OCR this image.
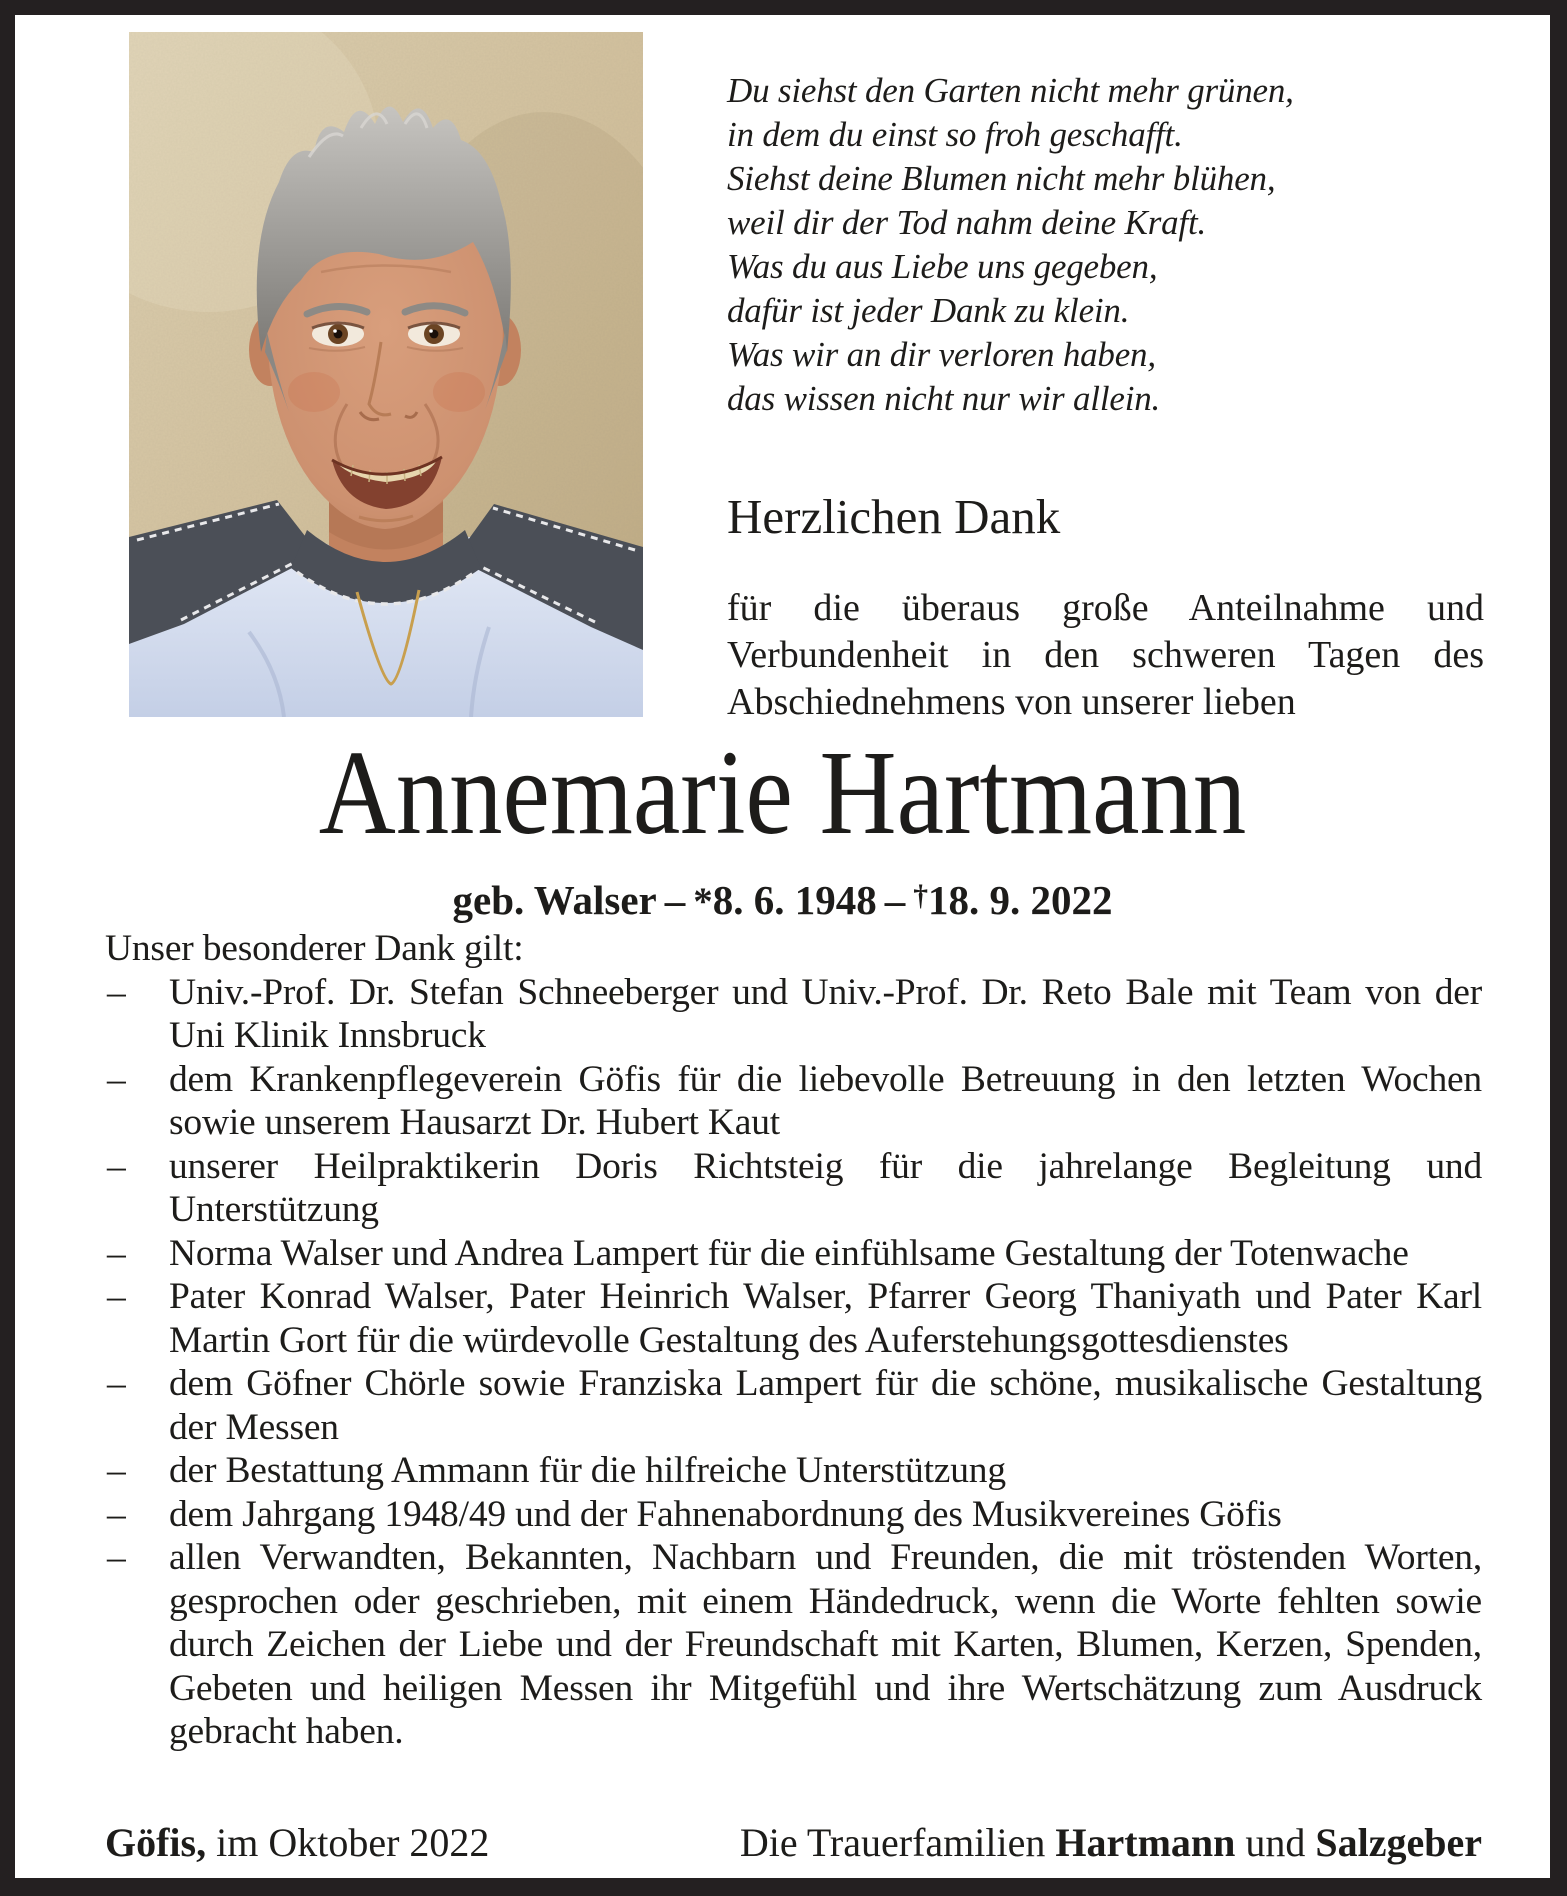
Du siehst den Garten nicht mehr grünen,
in dem du einst so froh geschafft.
Siehst deine Blumen nicht mehr blühen,
weil dir der Tod nahm deine Kraft.
Was du aus Liebe uns gegeben,
dafür ist jeder Dank zu klein.
Was wir an dir verloren haben,
das wissen nicht nur wir allein.
Herzlichen Dank
für die überaus große Anteilnahme und Verbundenheit in den schweren Tagen des Abschiednehmens von unserer lieben
Annemarie Hartmann
geb. Walser – *8. 6. 1948 – †18. 9. 2022
Unser besonderer Dank gilt:
– Univ.-Prof. Dr. Stefan Schneeberger und Univ.-Prof. Dr. Reto Bale mit Team von der Uni Klinik Innsbruck
– dem Krankenpflegeverein Göfis für die liebevolle Betreuung in den letzten Wochen sowie unserem Hausarzt Dr. Hubert Kaut
– unserer Heilpraktikerin Doris Richtsteig für die jahrelange Begleitung und Unterstützung
– Norma Walser und Andrea Lampert für die einfühlsame Gestaltung der Totenwache
– Pater Konrad Walser, Pater Heinrich Walser, Pfarrer Georg Thaniyath und Pater Karl Martin Gort für die würdevolle Gestaltung des Auferstehungsgottesdienstes
– dem Göfner Chörle sowie Franziska Lampert für die schöne, musikalische Gestaltung der Messen
– der Bestattung Ammann für die hilfreiche Unterstützung
– dem Jahrgang 1948/49 und der Fahnenabordnung des Musikvereines Göfis
– allen Verwandten, Bekannten, Nachbarn und Freunden, die mit tröstenden Worten, gesprochen oder geschrieben, mit einem Händedruck, wenn die Worte fehlten sowie durch Zeichen der Liebe und der Freundschaft mit Karten, Blumen, Kerzen, Spenden, Gebeten und heiligen Messen ihr Mitgefühl und ihre Wertschätzung zum Ausdruck gebracht haben.
Göfis, im Oktober 2022	Die Trauerfamilien Hartmann und Salzgeber
